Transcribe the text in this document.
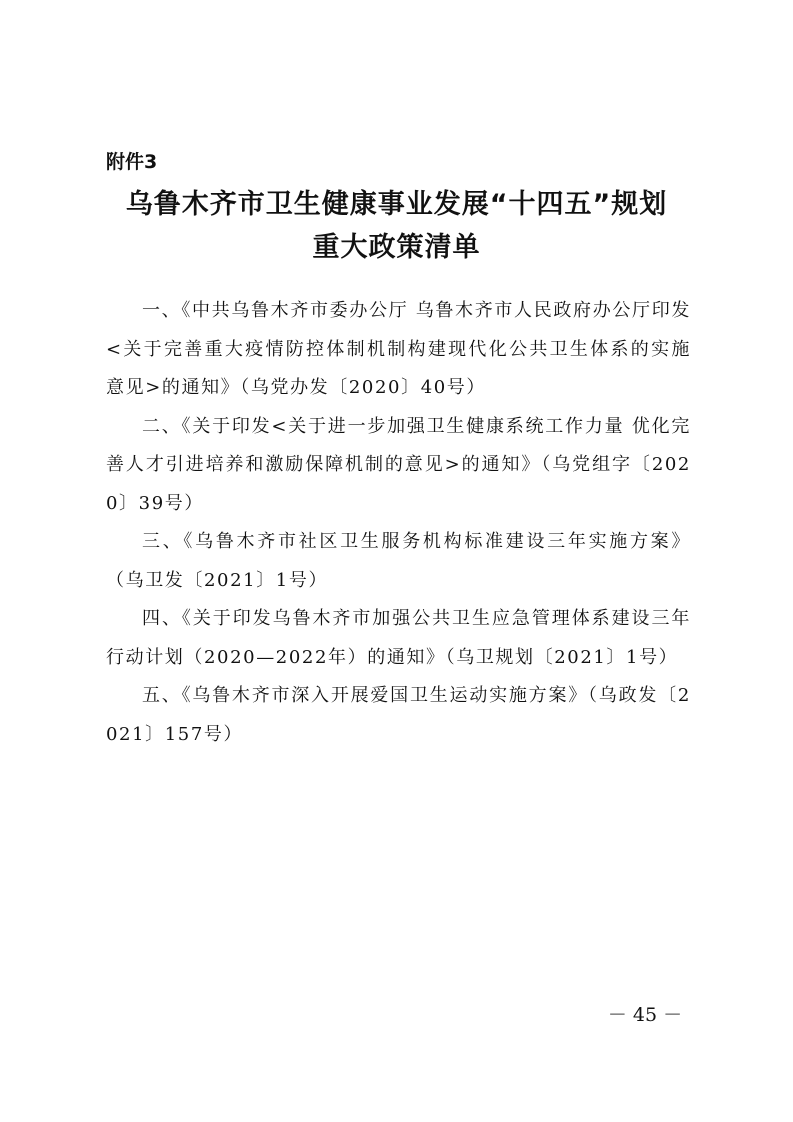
附件3
乌鲁木齐市卫生健康事业发展“十四五”规划
重大政策清单

一、《中共乌鲁木齐市委办公厅 乌鲁木齐市人民政府办公厅印发<关于完善重大疫情防控体制机制构建现代化公共卫生体系的实施意见>的通知》（乌党办发〔2020〕40号）

二、《关于印发<关于进一步加强卫生健康系统工作力量 优化完善人才引进培养和激励保障机制的意见>的通知》（乌党组字〔2020〕39号）

三、《乌鲁木齐市社区卫生服务机构标准建设三年实施方案》（乌卫发〔2021〕1号）

四、《关于印发乌鲁木齐市加强公共卫生应急管理体系建设三年行动计划（2020—2022年）的通知》（乌卫规划〔2021〕1号）

五、《乌鲁木齐市深入开展爱国卫生运动实施方案》（乌政发〔2021〕157号）

－ 45 －
